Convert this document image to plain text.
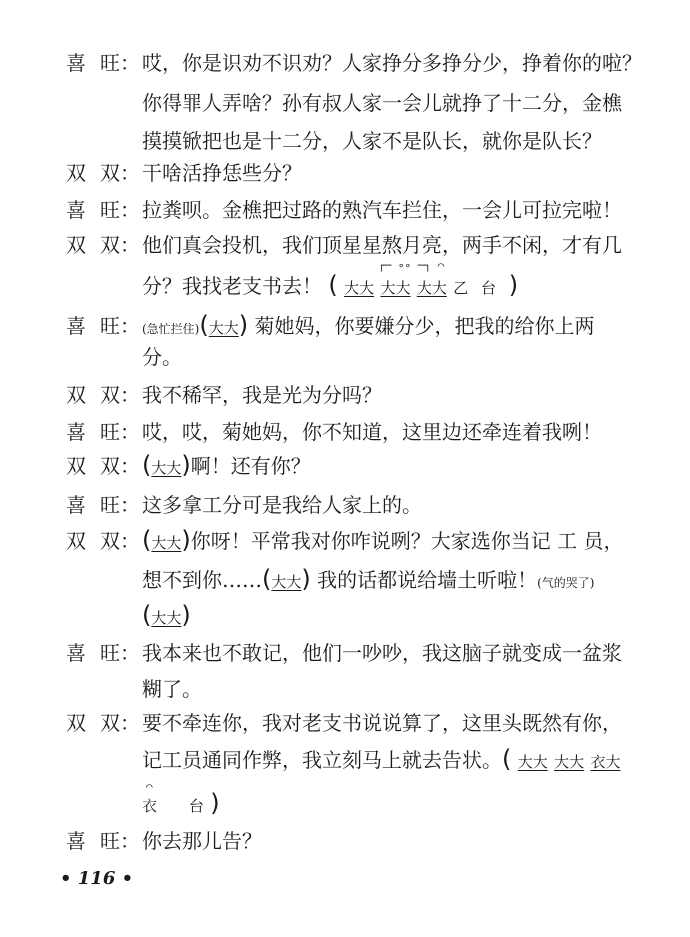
喜 旺： 哎，你是识劝不识劝？人家挣分多挣分少，挣着你的啦？
你得罪人弄啥？孙有叔人家一会儿就挣了十二分，金樵
摸摸锨把也是十二分，人家不是队长，就你是队长？
双 双： 干啥活挣恁些分？
喜 旺： 拉粪呗。金樵把过路的熟汽车拦住，一会儿可拉完啦！
双 双： 他们真会投机，我们顶星星熬月亮，两手不闲，才有几
┌─ ∘∘ ─┐ ⌒
分？我找老支书去！ ( 大大 大大 大大 乙 台 )
喜 旺： (急忙拦住)(大大) 菊她妈，你要嫌分少，把我的给你上两
分。
双 双： 我不稀罕，我是光为分吗？
喜 旺： 哎，哎，菊她妈，你不知道，这里边还牵连着我咧！
双 双：(大大)啊！还有你？
喜 旺： 这多拿工分可是我给人家上的。
双 双：(大大)你呀！平常我对你咋说咧？大家选你当记 工 员，
想不到你……(大大) 我的话都说给墙土听啦！(气的哭了)
(大大)
喜 旺： 我本来也不敢记，他们一吵吵，我这脑子就变成一盆浆
糊了。
双 双： 要不牵连你，我对老支书说说算了，这里头既然有你，
记工员通同作弊，我立刻马上就去告状。( 大大 大大 衣大
⌒
衣 台 )
喜 旺： 你去那儿告？
• 116 •
